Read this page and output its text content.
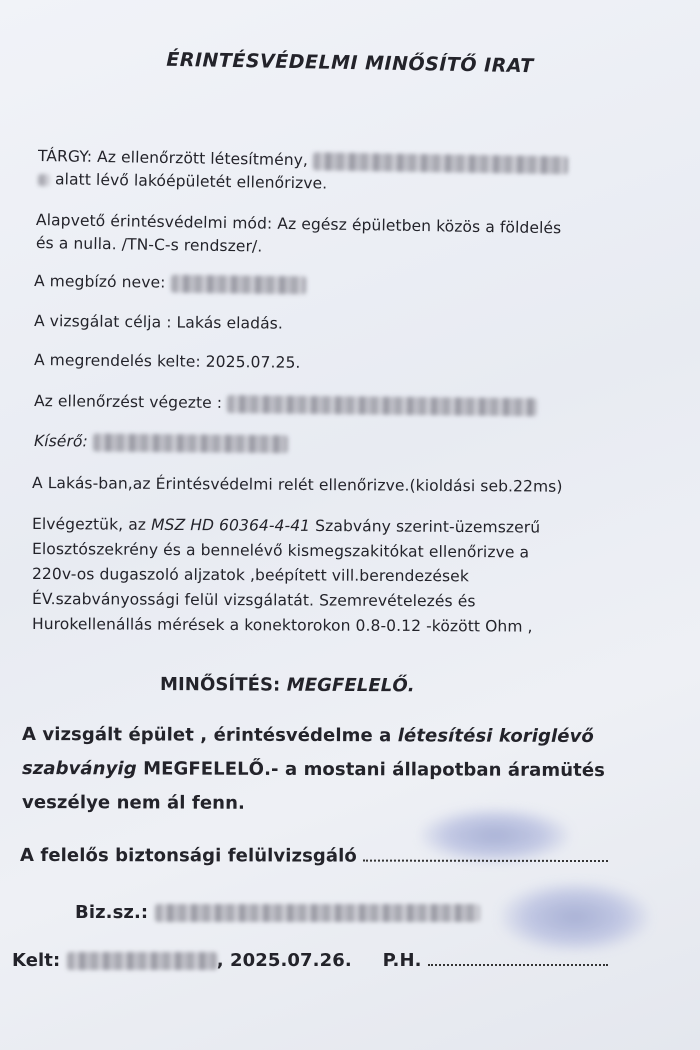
ÉRINTÉSVÉDELMI MINŐSÍTŐ IRAT
TÁRGY: Az ellenőrzött létesítmény,
alatt lévő lakóépületét ellenőrizve.
Alapvető érintésvédelmi mód: Az egész épületben közös a földelés
és a nulla. /TN-C-s rendszer/.
A megbízó neve:
A vizsgálat célja : Lakás eladás.
A megrendelés kelte: 2025.07.25.
Az ellenőrzést végezte :
Kísérő:
A Lakás-ban,az Érintésvédelmi relét ellenőrizve.(kioldási seb.22ms)
Elvégeztük, az MSZ HD 60364-4-41 Szabvány szerint-üzemszerű
Elosztószekrény és a bennelévő kismegszakitókat ellenőrizve a
220v-os dugaszoló aljzatok ,beépített vill.berendezések
ÉV.szabványossági felül vizsgálatát. Szemrevételezés és
Hurokellenállás mérések a konektorokon 0.8-0.12 -között Ohm ,
MINŐSÍTÉS: MEGFELELŐ.
A vizsgált épület , érintésvédelme a létesítési koriglévő
szabványig MEGFELELŐ.- a mostani állapotban áramütés
veszélye nem ál fenn.
A felelős biztonsági felülvizsgáló
Biz.sz.:
Kelt:	, 2025.07.26. P.H.
